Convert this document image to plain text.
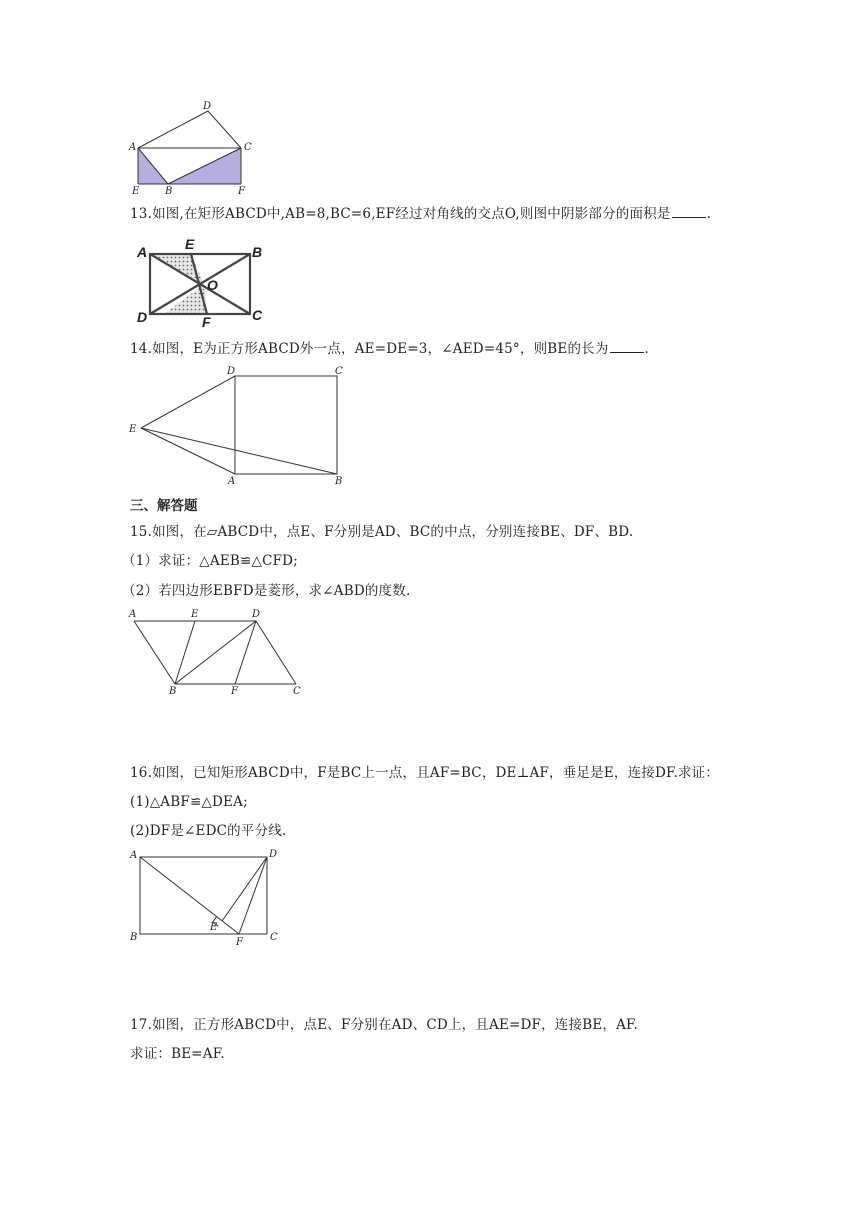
D
A	C
E	B	F
13.如图,在矩形ABCD中,AB=8,BC=6,EF经过对角线的交点O,则图中阴影部分的面积是	.
A	E	B
O
D	F	C
14.如图，E为正方形ABCD外一点，AE=DE=3，∠AED=45°，则BE的长为	.
D	C
E
A	B
三、解答题
15.如图，在▱ABCD中，点E、F分别是AD、BC的中点，分别连接BE、DF、BD.
（1）求证：△AEB≌△CFD;
（2）若四边形EBFD是菱形，求∠ABD的度数.
A	E	D
B	F	C
16.如图，已知矩形ABCD中，F是BC上一点，且AF=BC，DE⊥AF，垂足是E，连接DF.求证：
(1)△ABF≌△DEA;
(2)DF是∠EDC的平分线.
A	D
E
B	F	C
17.如图，正方形ABCD中，点E、F分别在AD、CD上，且AE=DF，连接BE，AF.
求证：BE=AF.
